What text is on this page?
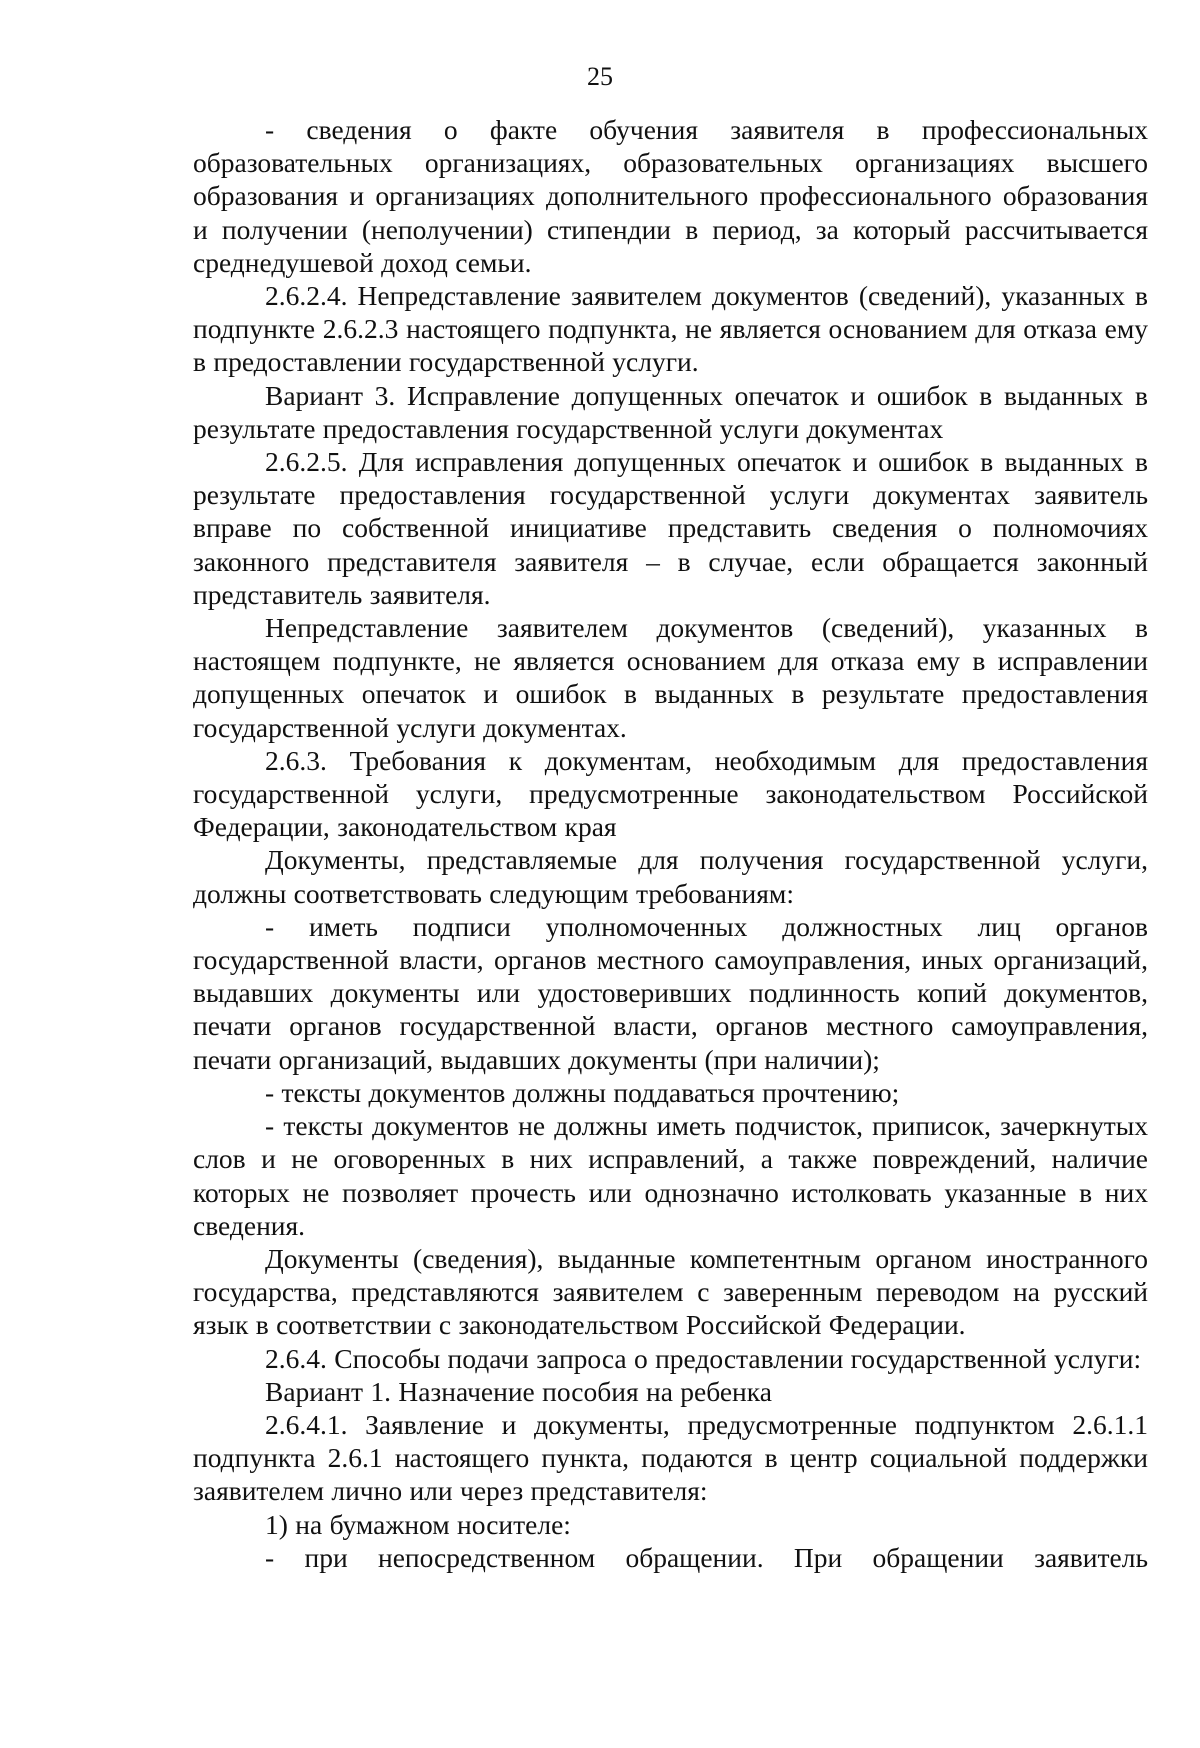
25

- сведения о факте обучения заявителя в профессиональных образовательных организациях, образовательных организациях высшего образования и организациях дополнительного профессионального образования и получении (неполучении) стипендии в период, за который рассчитывается среднедушевой доход семьи.

2.6.2.4. Непредставление заявителем документов (сведений), указанных в подпункте 2.6.2.3 настоящего подпункта, не является основанием для отказа ему в предоставлении государственной услуги.

Вариант 3. Исправление допущенных опечаток и ошибок в выданных в результате предоставления государственной услуги документах

2.6.2.5. Для исправления допущенных опечаток и ошибок в выданных в результате предоставления государственной услуги документах заявитель вправе по собственной инициативе представить сведения о полномочиях законного представителя заявителя – в случае, если обращается законный представитель заявителя.

Непредставление заявителем документов (сведений), указанных в настоящем подпункте, не является основанием для отказа ему в исправлении допущенных опечаток и ошибок в выданных в результате предоставления государственной услуги документах.

2.6.3. Требования к документам, необходимым для предоставления государственной услуги, предусмотренные законодательством Российской Федерации, законодательством края

Документы, представляемые для получения государственной услуги, должны соответствовать следующим требованиям:

- иметь подписи уполномоченных должностных лиц органов государственной власти, органов местного самоуправления, иных организаций, выдавших документы или удостоверивших подлинность копий документов, печати органов государственной власти, органов местного самоуправления, печати организаций, выдавших документы (при наличии);

- тексты документов должны поддаваться прочтению;

- тексты документов не должны иметь подчисток, приписок, зачеркнутых слов и не оговоренных в них исправлений, а также повреждений, наличие которых не позволяет прочесть или однозначно истолковать указанные в них сведения.

Документы (сведения), выданные компетентным органом иностранного государства, представляются заявителем с заверенным переводом на русский язык в соответствии с законодательством Российской Федерации.

2.6.4. Способы подачи запроса о предоставлении государственной услуги:

Вариант 1. Назначение пособия на ребенка

2.6.4.1. Заявление и документы, предусмотренные подпунктом 2.6.1.1 подпункта 2.6.1 настоящего пункта, подаются в центр социальной поддержки заявителем лично или через представителя:

1) на бумажном носителе:

- при непосредственном обращении. При обращении заявитель
